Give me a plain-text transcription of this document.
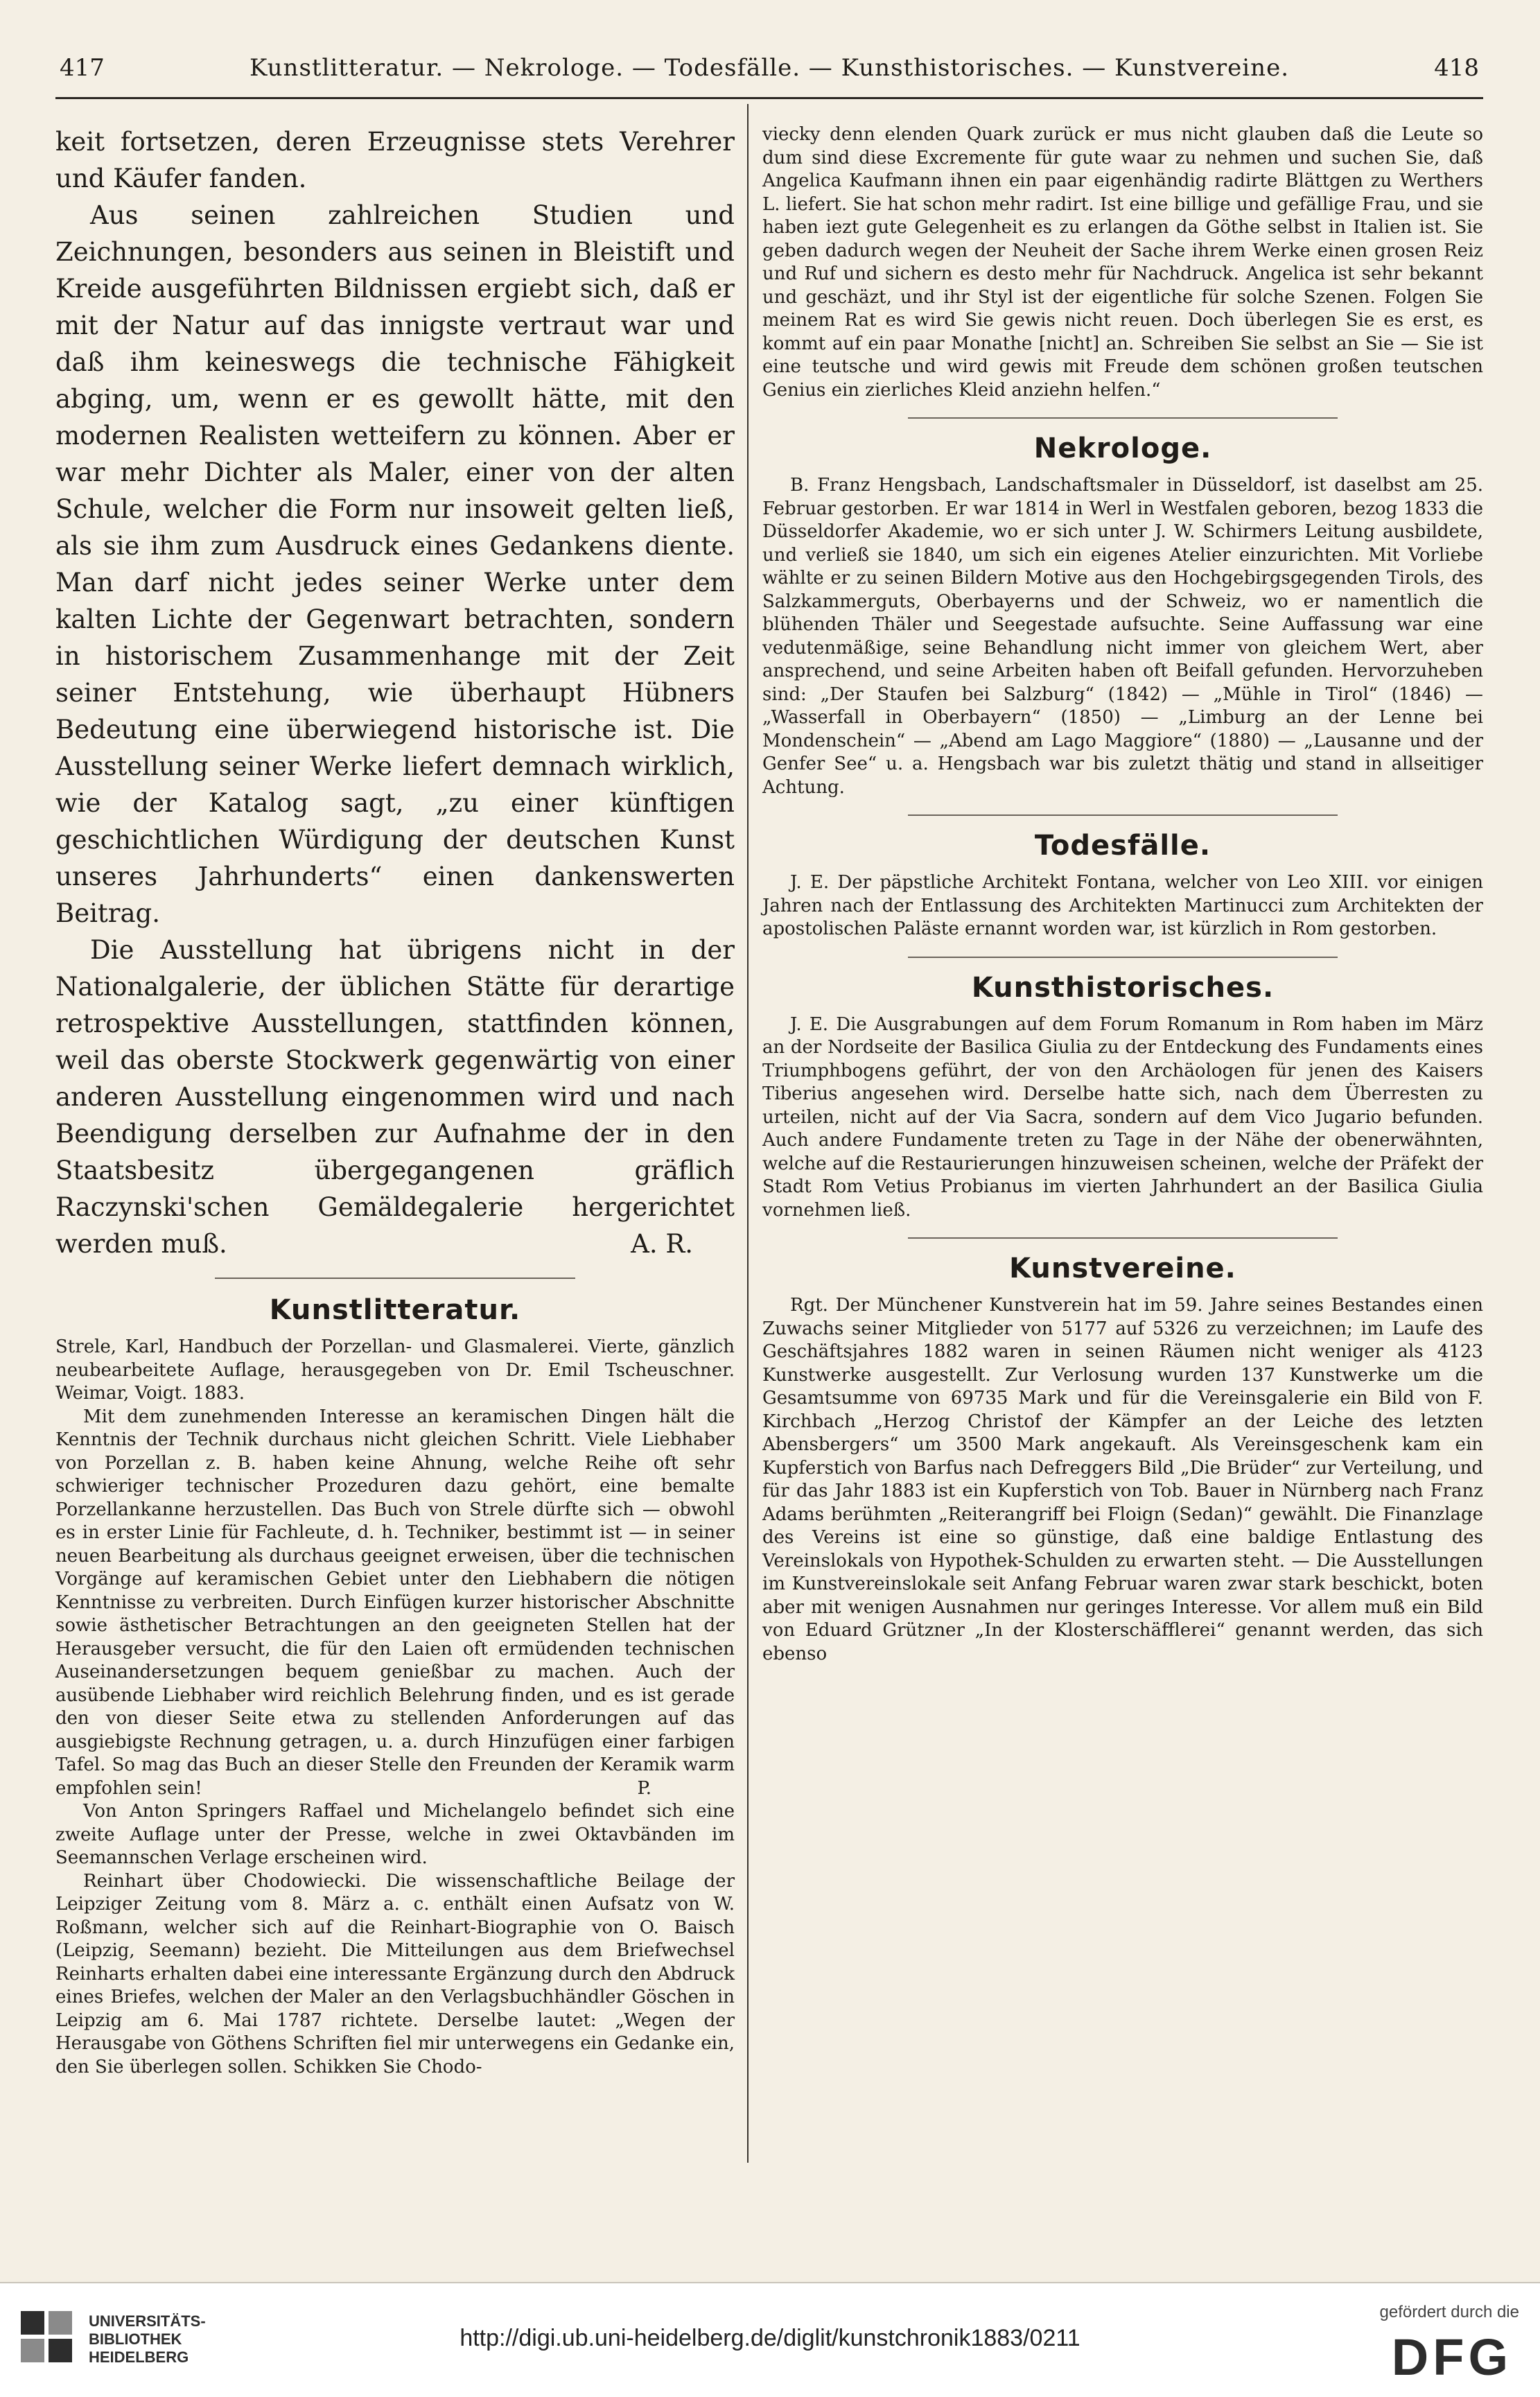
417	Kunstlitteratur. — Nekrologe. — Todesfälle. — Kunsthistorisches. — Kunstvereine.	418

keit fortsetzen, deren Erzeugnisse stets Verehrer und Käufer fanden.

Aus seinen zahlreichen Studien und Zeichnungen, besonders aus seinen in Bleistift und Kreide ausgeführten Bildnissen ergiebt sich, daß er mit der Natur auf das innigste vertraut war und daß ihm keineswegs die technische Fähigkeit abging, um, wenn er es gewollt hätte, mit den modernen Realisten wetteifern zu können. Aber er war mehr Dichter als Maler, einer von der alten Schule, welcher die Form nur insoweit gelten ließ, als sie ihm zum Ausdruck eines Gedankens diente. Man darf nicht jedes seiner Werke unter dem kalten Lichte der Gegenwart betrachten, sondern in historischem Zusammenhange mit der Zeit seiner Entstehung, wie überhaupt Hübners Bedeutung eine überwiegend historische ist. Die Ausstellung seiner Werke liefert demnach wirklich, wie der Katalog sagt, „zu einer künftigen geschichtlichen Würdigung der deutschen Kunst unseres Jahrhunderts“ einen dankenswerten Beitrag.

Die Ausstellung hat übrigens nicht in der Nationalgalerie, der üblichen Stätte für derartige retrospektive Ausstellungen, stattfinden können, weil das oberste Stockwerk gegenwärtig von einer anderen Ausstellung eingenommen wird und nach Beendigung derselben zur Aufnahme der in den Staatsbesitz übergegangenen gräflich Raczynski'schen Gemäldegalerie hergerichtet werden muß.	A. R.

Kunstlitteratur.

Strele, Karl, Handbuch der Porzellan- und Glasmalerei. Vierte, gänzlich neubearbeitete Auflage, herausgegeben von Dr. Emil Tscheuschner. Weimar, Voigt. 1883.

Mit dem zunehmenden Interesse an keramischen Dingen hält die Kenntnis der Technik durchaus nicht gleichen Schritt. Viele Liebhaber von Porzellan z. B. haben keine Ahnung, welche Reihe oft sehr schwieriger technischer Prozeduren dazu gehört, eine bemalte Porzellankanne herzustellen. Das Buch von Strele dürfte sich — obwohl es in erster Linie für Fachleute, d. h. Techniker, bestimmt ist — in seiner neuen Bearbeitung als durchaus geeignet erweisen, über die technischen Vorgänge auf keramischen Gebiet unter den Liebhabern die nötigen Kenntnisse zu verbreiten. Durch Einfügen kurzer historischer Abschnitte sowie ästhetischer Betrachtungen an den geeigneten Stellen hat der Herausgeber versucht, die für den Laien oft ermüdenden technischen Auseinandersetzungen bequem genießbar zu machen. Auch der ausübende Liebhaber wird reichlich Belehrung finden, und es ist gerade den von dieser Seite etwa zu stellenden Anforderungen auf das ausgiebigste Rechnung getragen, u. a. durch Hinzufügen einer farbigen Tafel. So mag das Buch an dieser Stelle den Freunden der Keramik warm empfohlen sein!	P.

Von Anton Springers Raffael und Michelangelo befindet sich eine zweite Auflage unter der Presse, welche in zwei Oktavbänden im Seemannschen Verlage erscheinen wird.

Reinhart über Chodowiecki. Die wissenschaftliche Beilage der Leipziger Zeitung vom 8. März a. c. enthält einen Aufsatz von W. Roßmann, welcher sich auf die Reinhart-Biographie von O. Baisch (Leipzig, Seemann) bezieht. Die Mitteilungen aus dem Briefwechsel Reinharts erhalten dabei eine interessante Ergänzung durch den Abdruck eines Briefes, welchen der Maler an den Verlagsbuchhändler Göschen in Leipzig am 6. Mai 1787 richtete. Derselbe lautet: „Wegen der Herausgabe von Göthens Schriften fiel mir unterwegens ein Gedanke ein, den Sie überlegen sollen. Schikken Sie Chodo-

viecky denn elenden Quark zurück er mus nicht glauben daß die Leute so dum sind diese Excremente für gute waar zu nehmen und suchen Sie, daß Angelica Kaufmann ihnen ein paar eigenhändig radirte Blättgen zu Werthers L. liefert. Sie hat schon mehr radirt. Ist eine billige und gefällige Frau, und sie haben iezt gute Gelegenheit es zu erlangen da Göthe selbst in Italien ist. Sie geben dadurch wegen der Neuheit der Sache ihrem Werke einen grosen Reiz und Ruf und sichern es desto mehr für Nachdruck. Angelica ist sehr bekannt und geschäzt, und ihr Styl ist der eigentliche für solche Szenen. Folgen Sie meinem Rat es wird Sie gewis nicht reuen. Doch überlegen Sie es erst, es kommt auf ein paar Monathe [nicht] an. Schreiben Sie selbst an Sie — Sie ist eine teutsche und wird gewis mit Freude dem schönen großen teutschen Genius ein zierliches Kleid anziehn helfen.“

Nekrologe.

B. Franz Hengsbach, Landschaftsmaler in Düsseldorf, ist daselbst am 25. Februar gestorben. Er war 1814 in Werl in Westfalen geboren, bezog 1833 die Düsseldorfer Akademie, wo er sich unter J. W. Schirmers Leitung ausbildete, und verließ sie 1840, um sich ein eigenes Atelier einzurichten. Mit Vorliebe wählte er zu seinen Bildern Motive aus den Hochgebirgsgegenden Tirols, des Salzkammerguts, Oberbayerns und der Schweiz, wo er namentlich die blühenden Thäler und Seegestade aufsuchte. Seine Auffassung war eine vedutenmäßige, seine Behandlung nicht immer von gleichem Wert, aber ansprechend, und seine Arbeiten haben oft Beifall gefunden. Hervorzuheben sind: „Der Staufen bei Salzburg“ (1842) — „Mühle in Tirol“ (1846) — „Wasserfall in Oberbayern“ (1850) — „Limburg an der Lenne bei Mondenschein“ — „Abend am Lago Maggiore“ (1880) — „Lausanne und der Genfer See“ u. a. Hengsbach war bis zuletzt thätig und stand in allseitiger Achtung.

Todesfälle.

J. E. Der päpstliche Architekt Fontana, welcher von Leo XIII. vor einigen Jahren nach der Entlassung des Architekten Martinucci zum Architekten der apostolischen Paläste ernannt worden war, ist kürzlich in Rom gestorben.

Kunsthistorisches.

J. E. Die Ausgrabungen auf dem Forum Romanum in Rom haben im März an der Nordseite der Basilica Giulia zu der Entdeckung des Fundaments eines Triumphbogens geführt, der von den Archäologen für jenen des Kaisers Tiberius angesehen wird. Derselbe hatte sich, nach dem Überresten zu urteilen, nicht auf der Via Sacra, sondern auf dem Vico Jugario befunden. Auch andere Fundamente treten zu Tage in der Nähe der obenerwähnten, welche auf die Restaurierungen hinzuweisen scheinen, welche der Präfekt der Stadt Rom Vetius Probianus im vierten Jahrhundert an der Basilica Giulia vornehmen ließ.

Kunstvereine.

Rgt. Der Münchener Kunstverein hat im 59. Jahre seines Bestandes einen Zuwachs seiner Mitglieder von 5177 auf 5326 zu verzeichnen; im Laufe des Geschäftsjahres 1882 waren in seinen Räumen nicht weniger als 4123 Kunstwerke ausgestellt. Zur Verlosung wurden 137 Kunstwerke um die Gesamtsumme von 69735 Mark und für die Vereinsgalerie ein Bild von F. Kirchbach „Herzog Christof der Kämpfer an der Leiche des letzten Abensbergers“ um 3500 Mark angekauft. Als Vereinsgeschenk kam ein Kupferstich von Barfus nach Defreggers Bild „Die Brüder“ zur Verteilung, und für das Jahr 1883 ist ein Kupferstich von Tob. Bauer in Nürnberg nach Franz Adams berühmten „Reiterangriff bei Floign (Sedan)“ gewählt. Die Finanzlage des Vereins ist eine so günstige, daß eine baldige Entlastung des Vereinslokals von Hypothek-Schulden zu erwarten steht. — Die Ausstellungen im Kunstvereinslokale seit Anfang Februar waren zwar stark beschickt, boten aber mit wenigen Ausnahmen nur geringes Interesse. Vor allem muß ein Bild von Eduard Grützner „In der Klosterschäfflerei“ genannt werden, das sich ebenso

UNIVERSITÄTS-
BIBLIOTHEK
HEIDELBERG
http://digi.ub.uni-heidelberg.de/diglit/kunstchronik1883/0211
gefördert durch die
DFG
